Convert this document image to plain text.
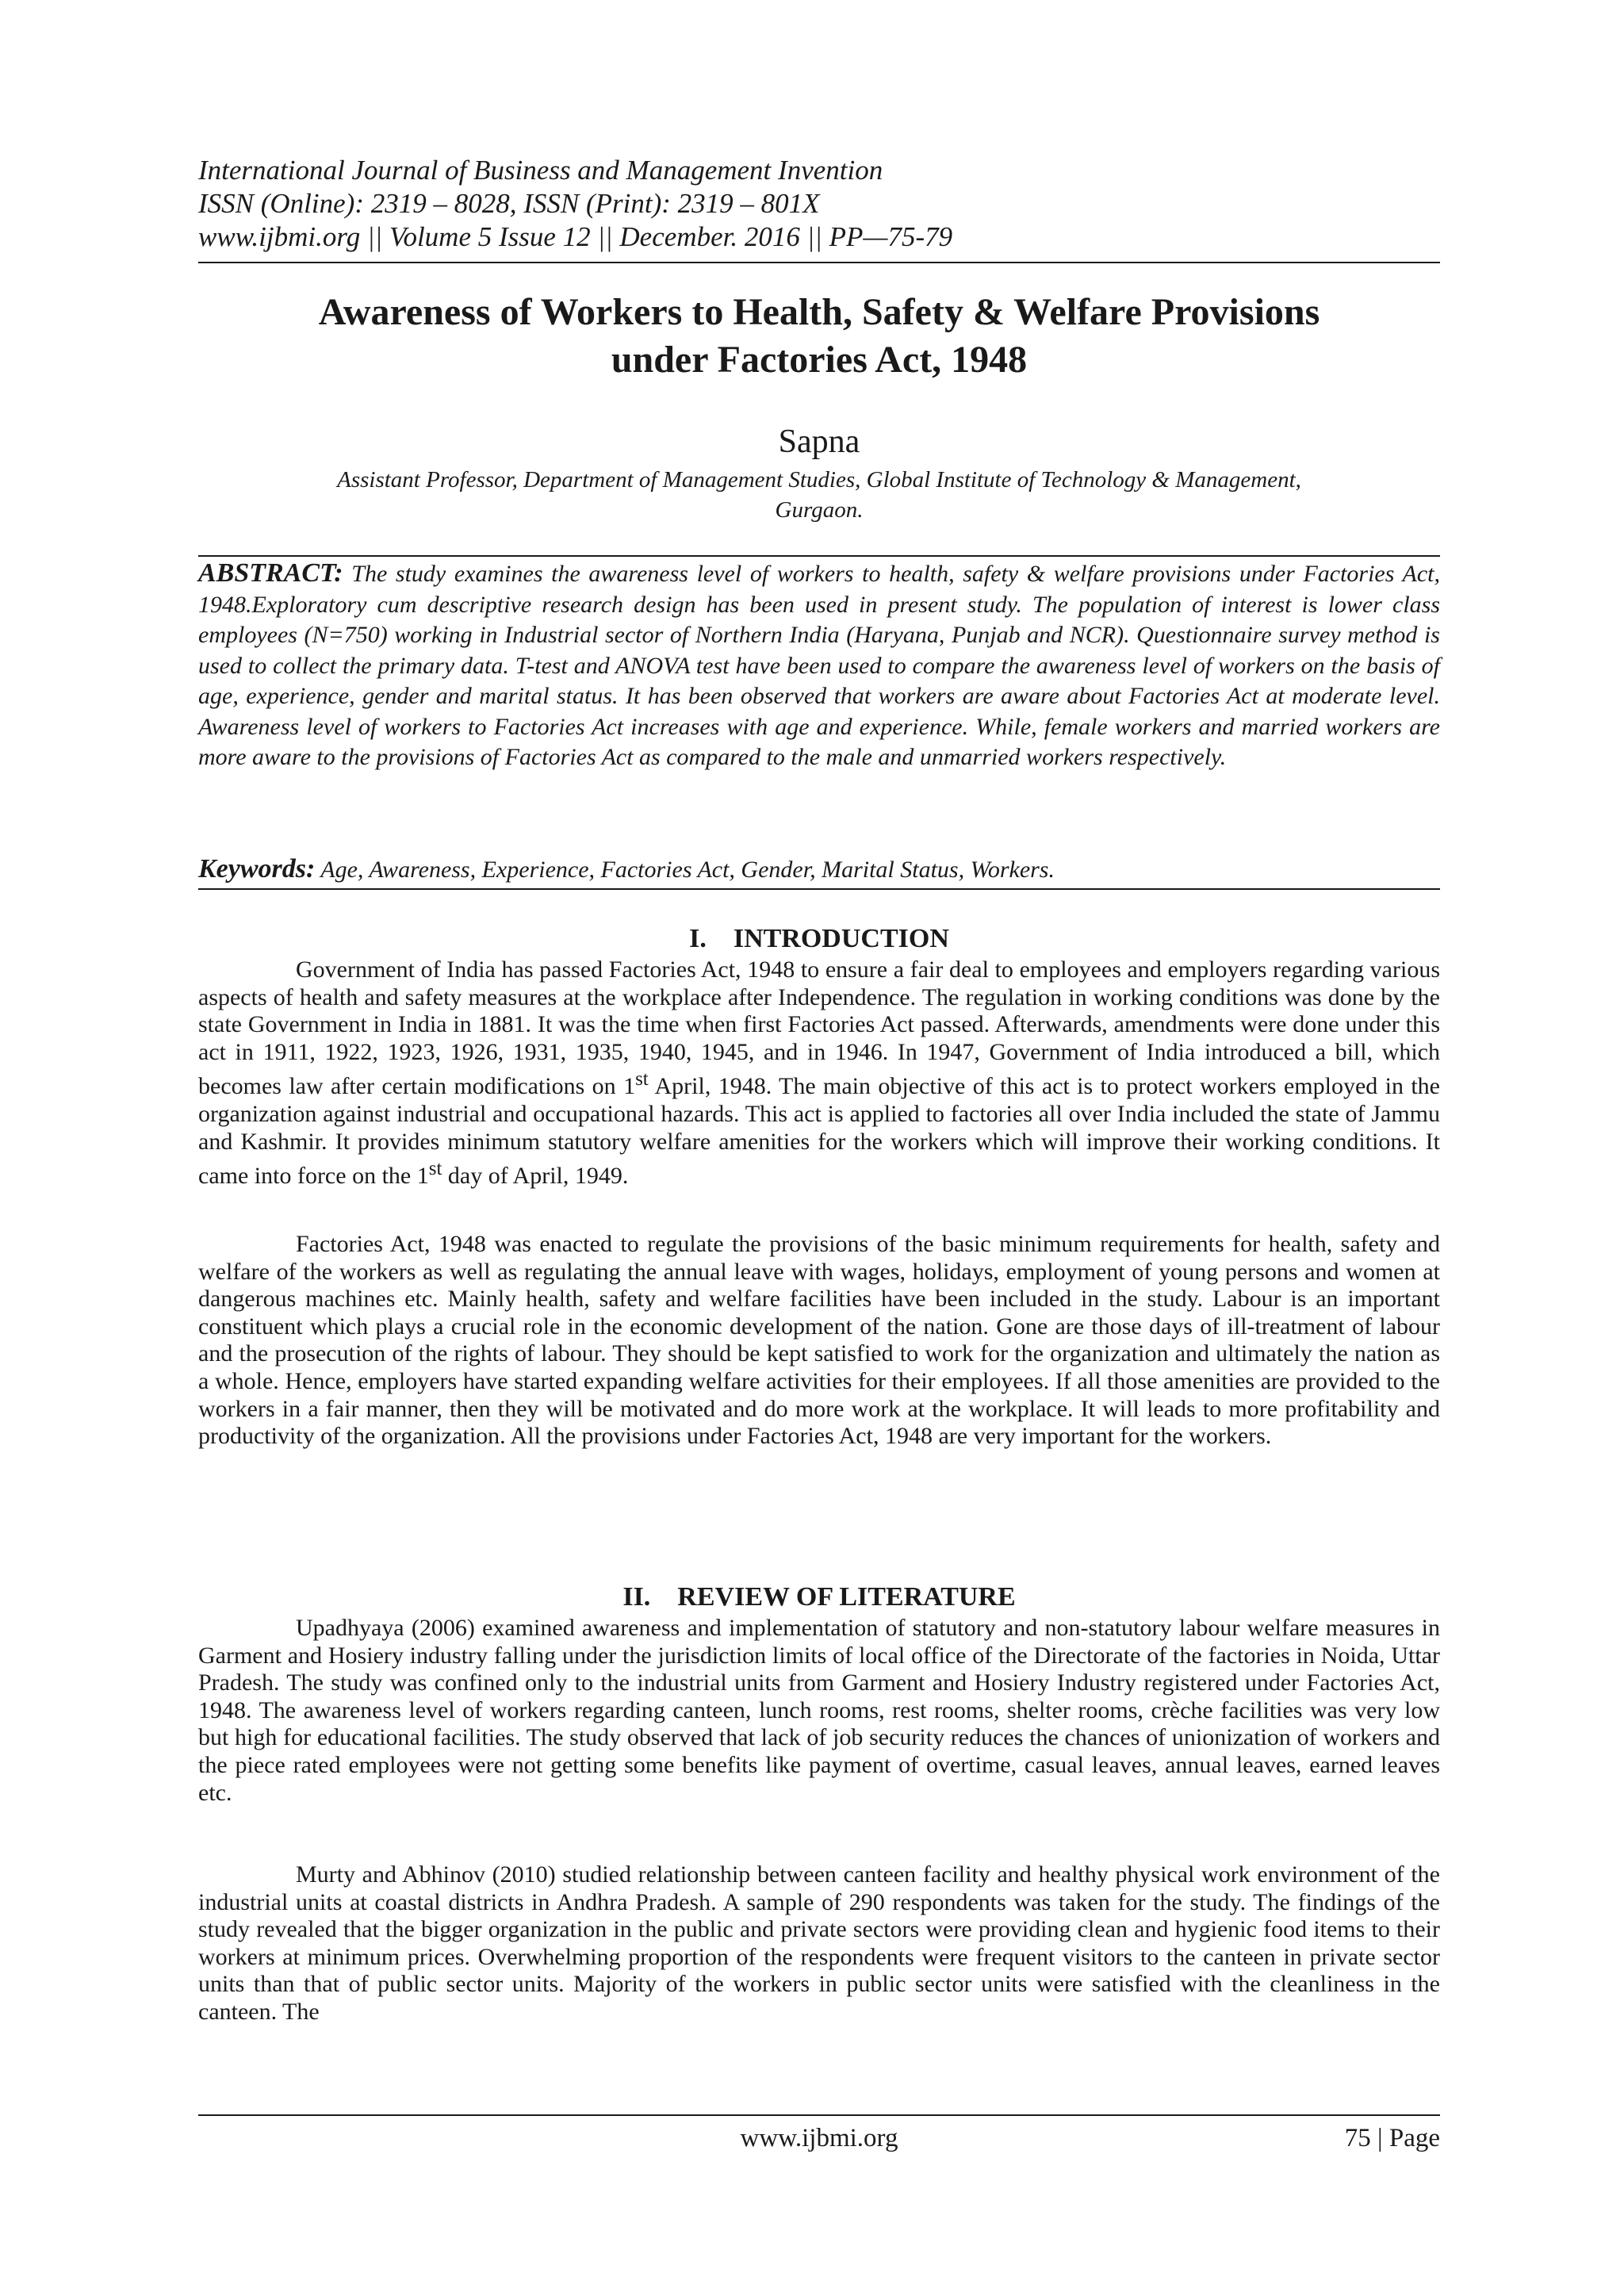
International Journal of Business and Management Invention
ISSN (Online): 2319 – 8028, ISSN (Print): 2319 – 801X
www.ijbmi.org || Volume 5 Issue 12 || December. 2016 || PP—75-79
Awareness of Workers to Health, Safety & Welfare Provisions
under Factories Act, 1948
Sapna
Assistant Professor, Department of Management Studies, Global Institute of Technology & Management,
Gurgaon.
ABSTRACT: The study examines the awareness level of workers to health, safety & welfare provisions under Factories Act, 1948.Exploratory cum descriptive research design has been used in present study. The population of interest is lower class employees (N=750) working in Industrial sector of Northern India (Haryana, Punjab and NCR). Questionnaire survey method is used to collect the primary data. T-test and ANOVA test have been used to compare the awareness level of workers on the basis of age, experience, gender and marital status. It has been observed that workers are aware about Factories Act at moderate level. Awareness level of workers to Factories Act increases with age and experience. While, female workers and married workers are more aware to the provisions of Factories Act as compared to the male and unmarried workers respectively.
Keywords: Age, Awareness, Experience, Factories Act, Gender, Marital Status, Workers.
I.    INTRODUCTION
Government of India has passed Factories Act, 1948 to ensure a fair deal to employees and employers regarding various aspects of health and safety measures at the workplace after Independence. The regulation in working conditions was done by the state Government in India in 1881. It was the time when first Factories Act passed. Afterwards, amendments were done under this act in 1911, 1922, 1923, 1926, 1931, 1935, 1940, 1945, and in 1946. In 1947, Government of India introduced a bill, which becomes law after certain modifications on 1st April, 1948. The main objective of this act is to protect workers employed in the organization against industrial and occupational hazards. This act is applied to factories all over India included the state of Jammu and Kashmir. It provides minimum statutory welfare amenities for the workers which will improve their working conditions. It came into force on the 1st day of April, 1949.
Factories Act, 1948 was enacted to regulate the provisions of the basic minimum requirements for health, safety and welfare of the workers as well as regulating the annual leave with wages, holidays, employment of young persons and women at dangerous machines etc. Mainly health, safety and welfare facilities have been included in the study. Labour is an important constituent which plays a crucial role in the economic development of the nation. Gone are those days of ill-treatment of labour and the prosecution of the rights of labour. They should be kept satisfied to work for the organization and ultimately the nation as a whole. Hence, employers have started expanding welfare activities for their employees. If all those amenities are provided to the workers in a fair manner, then they will be motivated and do more work at the workplace. It will leads to more profitability and productivity of the organization. All the provisions under Factories Act, 1948 are very important for the workers.
II.    REVIEW OF LITERATURE
Upadhyaya (2006) examined awareness and implementation of statutory and non-statutory labour welfare measures in Garment and Hosiery industry falling under the jurisdiction limits of local office of the Directorate of the factories in Noida, Uttar Pradesh. The study was confined only to the industrial units from Garment and Hosiery Industry registered under Factories Act, 1948. The awareness level of workers regarding canteen, lunch rooms, rest rooms, shelter rooms, crèche facilities was very low but high for educational facilities. The study observed that lack of job security reduces the chances of unionization of workers and the piece rated employees were not getting some benefits like payment of overtime, casual leaves, annual leaves, earned leaves etc.
Murty and Abhinov (2010) studied relationship between canteen facility and healthy physical work environment of the industrial units at coastal districts in Andhra Pradesh. A sample of 290 respondents was taken for the study. The findings of the study revealed that the bigger organization in the public and private sectors were providing clean and hygienic food items to their workers at minimum prices. Overwhelming proportion of the respondents were frequent visitors to the canteen in private sector units than that of public sector units. Majority of the workers in public sector units were satisfied with the cleanliness in the canteen. The
www.ijbmi.org	75 | Page
